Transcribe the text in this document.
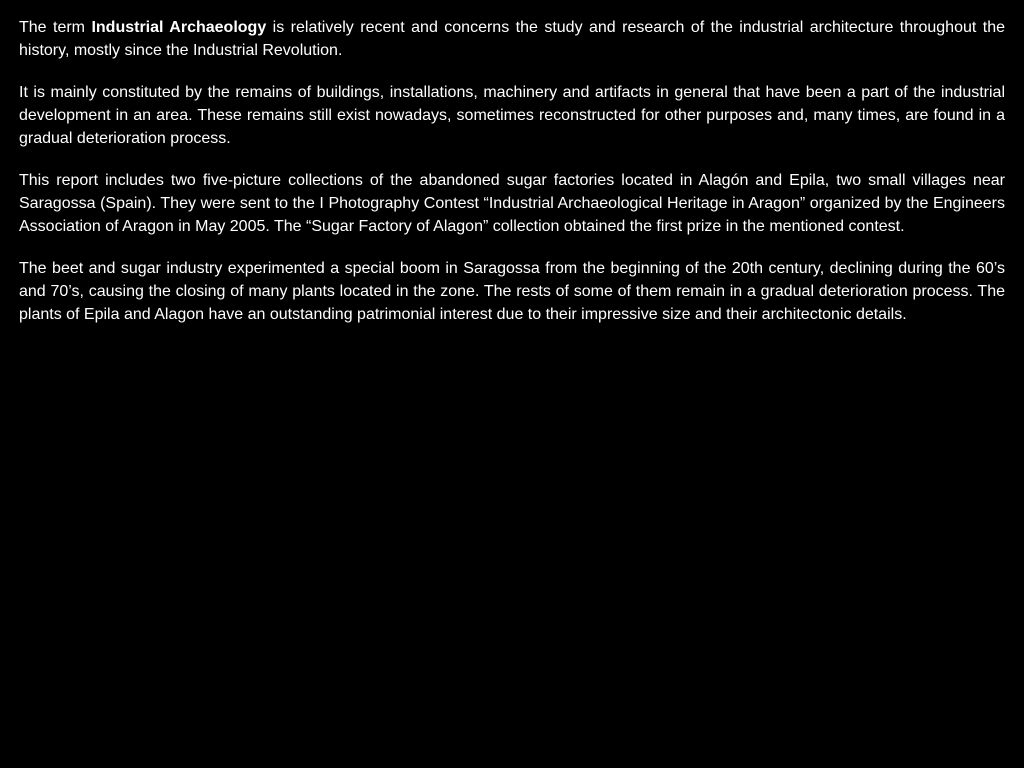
The term Industrial Archaeology is relatively recent and concerns the study and research of the industrial architecture throughout the history, mostly since the Industrial Revolution.

It is mainly constituted by the remains of buildings, installations, machinery and artifacts in general that have been a part of the industrial development in an area. These remains still exist nowadays, sometimes reconstructed for other purposes and, many times, are found in a gradual deterioration process.

This report includes two five-picture collections of the abandoned sugar factories located in Alagón and Epila, two small villages near Saragossa (Spain). They were sent to the I Photography Contest “Industrial Archaeological Heritage in Aragon” organized by the Engineers Association of Aragon in May 2005. The “Sugar Factory of Alagon” collection obtained the first prize in the mentioned contest.

The beet and sugar industry experimented a special boom in Saragossa from the beginning of the 20th century, declining during the 60’s and 70’s, causing the closing of many plants located in the zone. The rests of some of them remain in a gradual deterioration process. The plants of Epila and Alagon have an outstanding patrimonial interest due to their impressive size and their architectonic details.
